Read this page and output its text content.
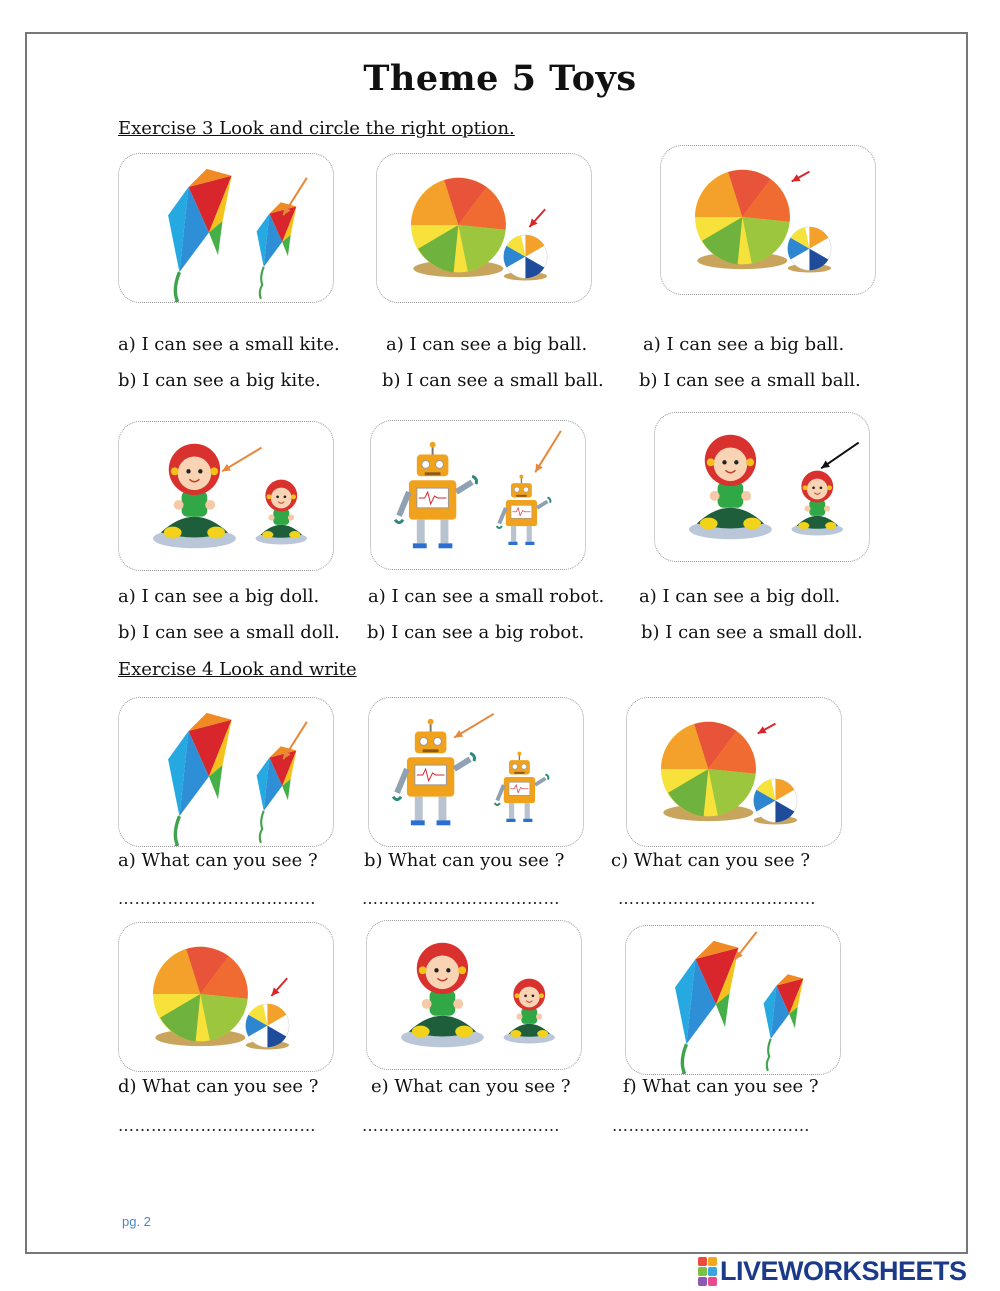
Theme 5 Toys
Exercise 3 Look and circle the right option.
a) I can see a small kite.
b) I can see a big kite.
a) I can see a big ball.
b) I can see a small ball.
a) I can see a big ball.
b) I can see a small ball.
a) I can see a big doll.
b) I can see a small doll.
a) I can see a small robot.
b) I can see a big robot.
a) I can see a big doll.
b) I can see a small doll.
Exercise 4 Look and write
a) What can you see ?	b) What can you see ?	c) What can you see ?
………………………………	………………………………	………………………………
d) What can you see ?	e) What can you see ?	f) What can you see ?
………………………………	………………………………	………………………………
pg. 2
LIVEWORKSHEETS
